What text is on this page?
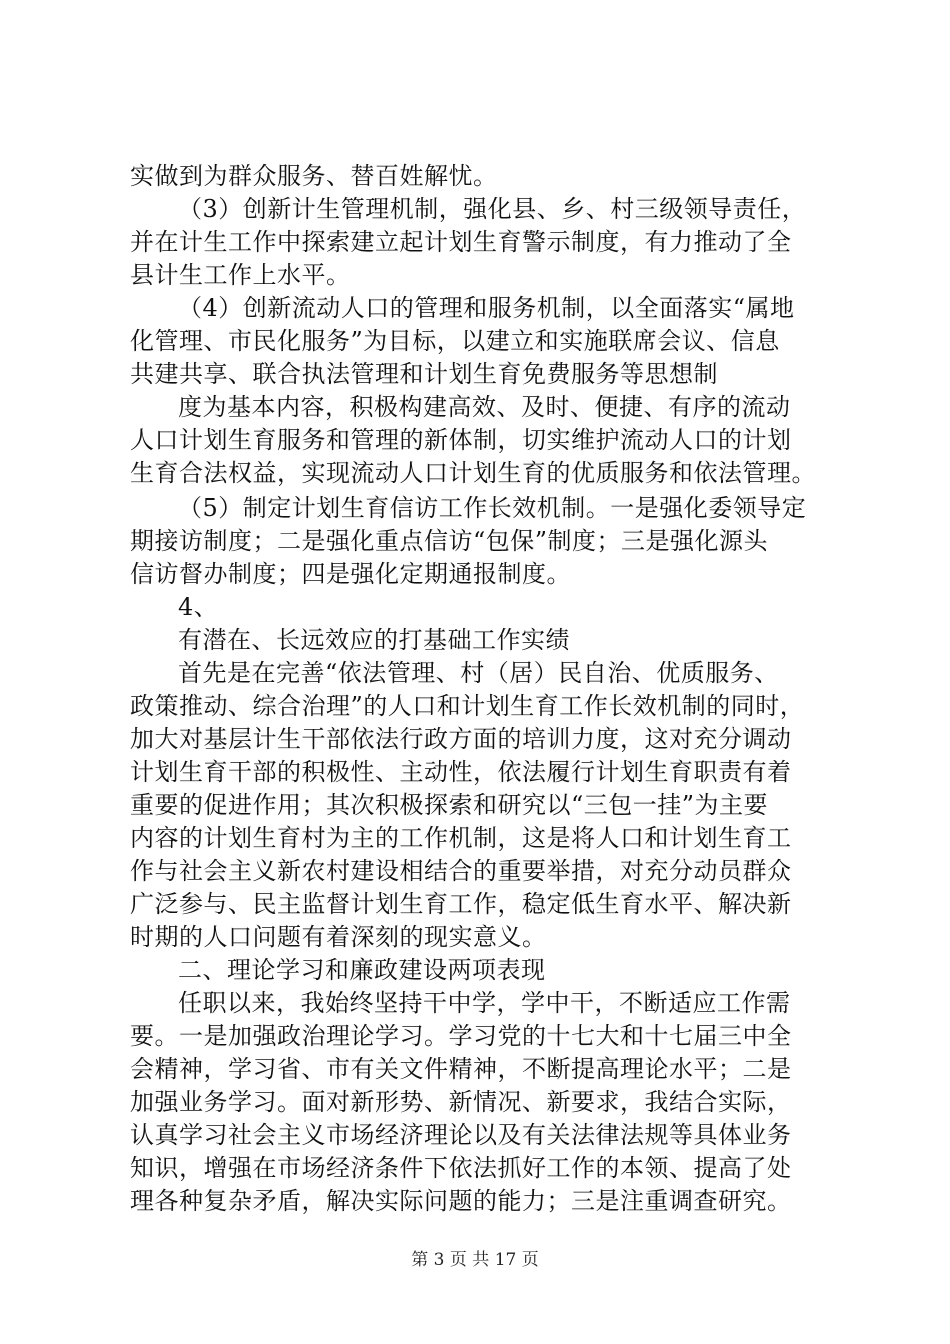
实做到为群众服务、替百姓解忧。
（3）创新计生管理机制，强化县、乡、村三级领导责任，
并在计生工作中探索建立起计划生育警示制度，有力推动了全
县计生工作上水平。
（4）创新流动人口的管理和服务机制，以全面落实“属地
化管理、市民化服务”为目标，以建立和实施联席会议、信息
共建共享、联合执法管理和计划生育免费服务等思想制
度为基本内容，积极构建高效、及时、便捷、有序的流动
人口计划生育服务和管理的新体制，切实维护流动人口的计划
生育合法权益，实现流动人口计划生育的优质服务和依法管理。
（5）制定计划生育信访工作长效机制。一是强化委领导定
期接访制度；二是强化重点信访“包保”制度；三是强化源头
信访督办制度；四是强化定期通报制度。
4、
有潜在、长远效应的打基础工作实绩
首先是在完善“依法管理、村（居）民自治、优质服务、
政策推动、综合治理”的人口和计划生育工作长效机制的同时，
加大对基层计生干部依法行政方面的培训力度，这对充分调动
计划生育干部的积极性、主动性，依法履行计划生育职责有着
重要的促进作用；其次积极探索和研究以“三包一挂”为主要
内容的计划生育村为主的工作机制，这是将人口和计划生育工
作与社会主义新农村建设相结合的重要举措，对充分动员群众
广泛参与、民主监督计划生育工作，稳定低生育水平、解决新
时期的人口问题有着深刻的现实意义。
二、理论学习和廉政建设两项表现
任职以来，我始终坚持干中学，学中干，不断适应工作需
要。一是加强政治理论学习。学习党的十七大和十七届三中全
会精神，学习省、市有关文件精神，不断提高理论水平；二是
加强业务学习。面对新形势、新情况、新要求，我结合实际，
认真学习社会主义市场经济理论以及有关法律法规等具体业务
知识，增强在市场经济条件下依法抓好工作的本领、提高了处
第 3 页 共 17 页
理各种复杂矛盾，解决实际问题的能力；三是注重调查研究。
